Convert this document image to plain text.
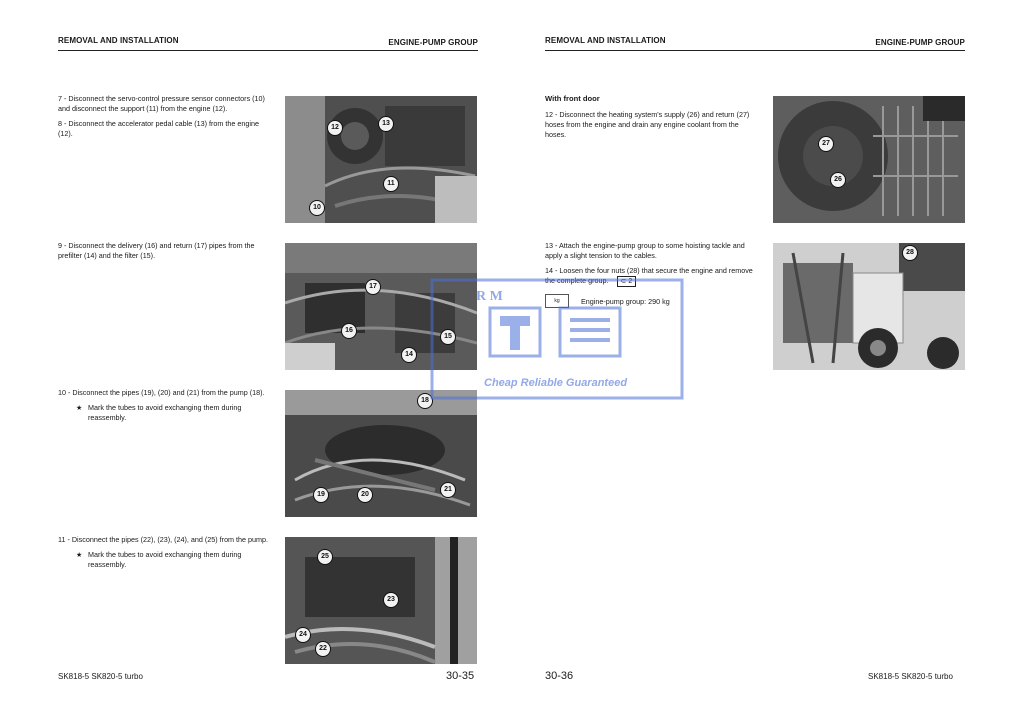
REMOVAL AND INSTALLATION	ENGINE-PUMP GROUP

7 - Disconnect the servo-control pressure sensor connectors (10) and disconnect the support (11) from the engine (12).

8 - Disconnect the accelerator pedal cable (13) from the engine (12).

12
13
11
10

9 - Disconnect the delivery (16) and return (17) pipes from the prefilter (14) and the filter (15).

17
16
15
14

10 - Disconnect the pipes (19), (20) and (21) from the pump (18).

★ Mark the tubes to avoid exchanging them during reassembly.
18
19	20
21

11 - Disconnect the pipes (22), (23), (24), and (25) from the pump.

★ Mark the tubes to avoid exchanging them during reassembly.
25
23
24
22
SK818-5 SK820-5 turbo	30-35
REMOVAL AND INSTALLATION	ENGINE-PUMP GROUP
With front door

12 - Disconnect the heating system's supply (26) and return (27) hoses from the engine and drain any engine coolant from the hoses.

27
26

13 - Attach the engine-pump group to some hoisting tackle and apply a slight tension to the cables.

14 - Loosen the four nuts (28) that secure the engine and remove the complete group. ⊂ 2

kg	Engine-pump group: 290 kg
28
30-36	SK818-5 SK820-5 turbo
R M
Cheap Reliable Guaranteed
